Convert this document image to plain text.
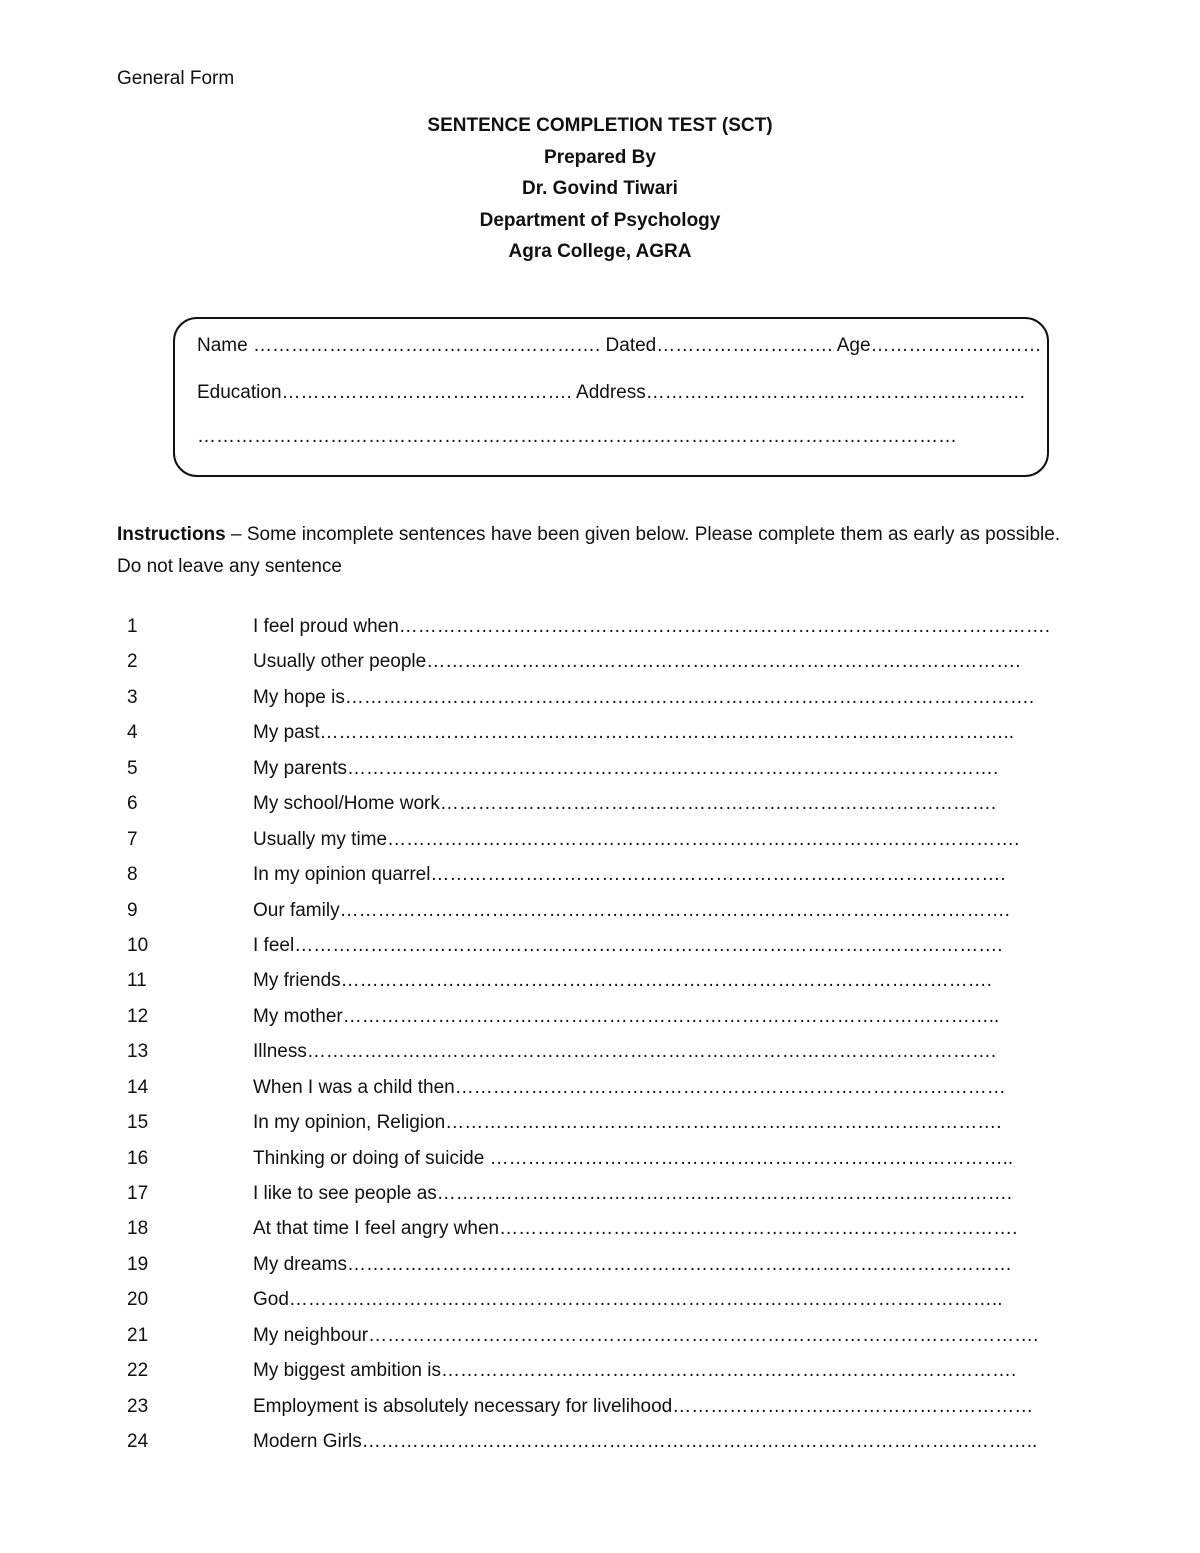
General Form
SENTENCE COMPLETION TEST (SCT)
Prepared By
Dr. Govind Tiwari
Department of Psychology
Agra College, AGRA
Name ………………………………………………. Dated………………………. Age………………………
Education………………………………………. Address……………………………………………………
…………………………………………………………………………………………………………
Instructions – Some incomplete sentences have been given below. Please complete them as early as possible. Do not leave any sentence
1	I feel proud when………………………………………………………………………………………….
2	Usually other people………………………………………………………………………………….
3	My hope is……………………………………………………………………………………………….
4	My past………………………………………………………………………………………………..
5	My parents………………………………………………………………………………………….
6	My school/Home work…………………………………………………………………………….
7	Usually my time……………………………………………………………………………………….
8	In my opinion quarrel……………………………………………………………………………….
9	Our family…………………………………………………………………………………………….
10	I feel………………………………………………………………………………………………….
11	My friends………………………………………………………………………………………….
12	My mother…………………………………………………………………………………………..
13	Illness……………………………………………………………………………………………….
14	When I was a child then……………………………………………………………………………
15	In my opinion, Religion…………………………………………………………………………….
16	Thinking or doing of suicide ………………………………………………………………………..
17	I like to see people as……………………………………………………………………………….
18	At that time I feel angry when……………………………………………………………………….
19	My dreams……………………………………………………………………………………………
20	God…………………………………………………………………………………………………..
21	My neighbour…………………………………………………………………………………………….
22	My biggest ambition is……………………………………………………………………………….
23	Employment is absolutely necessary for livelihood…………………………………………………
24	Modern Girls……………………………………………………………………………………………..
